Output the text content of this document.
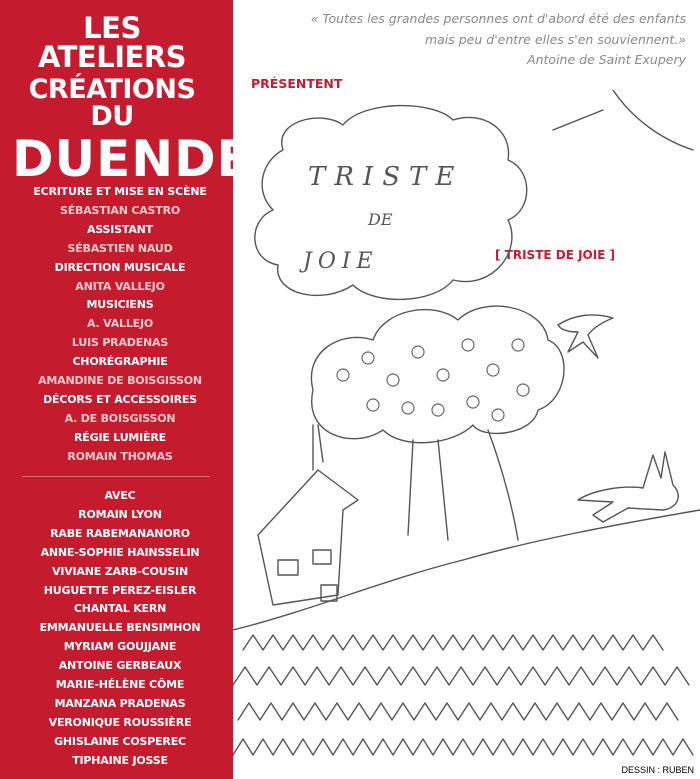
LES ATELIERS
CRÉATIONS DU
DUENDE
ECRITURE ET MISE EN SCÈNE
SÉBASTIAN CASTRO
ASSISTANT
SÉBASTIEN NAUD
DIRECTION MUSICALE
ANITA VALLEJO
MUSICIENS
A. VALLEJO
LUIS PRADENAS
CHORÉGRAPHIE
AMANDINE DE BOISGISSON
DÉCORS ET ACCESSOIRES
A. DE BOISGISSON
RÉGIE LUMIÈRE
ROMAIN THOMAS
AVEC
ROMAIN LYON
RABE RABEMANANORO
ANNE-SOPHIE HAINSSELIN
VIVIANE ZARB-COUSIN
HUGUETTE PEREZ-EISLER
CHANTAL KERN
EMMANUELLE BENSIMHON
MYRIAM GOUJJANE
ANTOINE GERBEAUX
MARIE-HÉLÈNE CÔME
MANZANA PRADENAS
VERONIQUE ROUSSIÈRE
GHISLAINE COSPEREC
TIPHAINE JOSSE
« Toutes les grandes personnes ont d'abord été des enfants
mais peu d'entre elles s'en souviennent.»
Antoine de Saint Exupery
PRÉSENTENT
[ TRISTE DE JOIE ]
TRISTE
DE
JOIE
DESSIN : RUBEN
